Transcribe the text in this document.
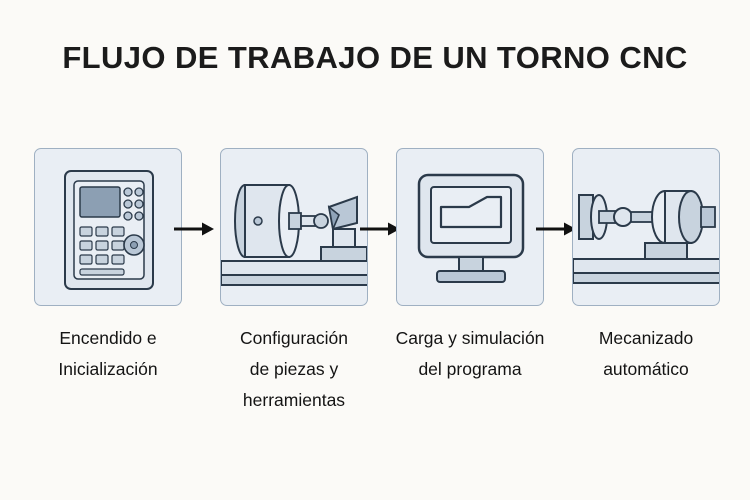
FLUJO DE TRABAJO DE UN TORNO CNC
Encendido e
Inicialización
Configuración
de piezas y
herramientas
Carga y simulación
del programa
Mecanizado
automático
